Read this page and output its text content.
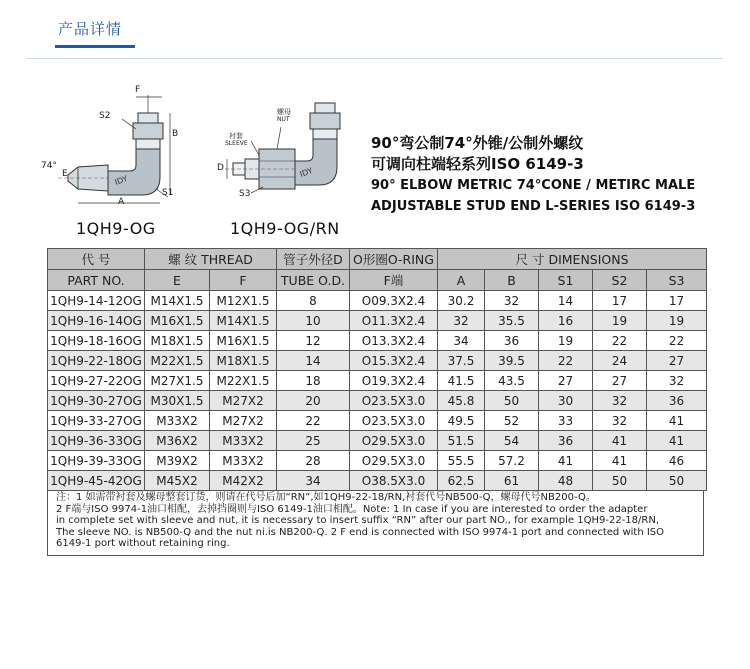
产品详情
IDY
F
S2
B
A
S1
E
74°
1QH9-OG
IDY
衬套
SLEEVE
螺母
NUT
D
S3
1QH9-OG/RN
90°弯公制74°外锥/公制外螺纹
可调向柱端轻系列ISO 6149-3
90° ELBOW METRIC 74°CONE / METIRC MALE
ADJUSTABLE STUD END L-SERIES ISO 6149-3
代 号	螺 纹 THREAD		管子外径D	O形圈O-RING	尺 寸 DIMENSIONS				
PART NO.	E	F	TUBE O.D.	F端	A	B	S1	S2	S3
1QH9-14-12OG	M14X1.5	M12X1.5	8	O09.3X2.4	30.2	32	14	17	17
1QH9-16-14OG	M16X1.5	M14X1.5	10	O11.3X2.4	32	35.5	16	19	19
1QH9-18-16OG	M18X1.5	M16X1.5	12	O13.3X2.4	34	36	19	22	22
1QH9-22-18OG	M22X1.5	M18X1.5	14	O15.3X2.4	37.5	39.5	22	24	27
1QH9-27-22OG	M27X1.5	M22X1.5	18	O19.3X2.4	41.5	43.5	27	27	32
1QH9-30-27OG	M30X1.5	M27X2	20	O23.5X3.0	45.8	50	30	32	36
1QH9-33-27OG	M33X2	M27X2	22	O23.5X3.0	49.5	52	33	32	41
1QH9-36-33OG	M36X2	M33X2	25	O29.5X3.0	51.5	54	36	41	41
1QH9-39-33OG	M39X2	M33X2	28	O29.5X3.0	55.5	57.2	41	41	46
1QH9-45-42OG	M45X2	M42X2	34	O38.5X3.0	62.5	61	48	50	50
注：1 如需带衬套及螺母整套订货，则请在代号后加“RN”,如1QH9-22-18/RN,衬套代号NB500-Q，螺母代号NB200-Q。
2 F端与ISO 9974-1油口相配，去掉挡圈则与ISO 6149-1油口相配。Note: 1 In case if you are interested to order the adapter
in complete set with sleeve and nut, it is necessary to insert suffix “RN” after our part NO., for example 1QH9-22-18/RN,
The sleeve NO. is NB500-Q and the nut ni.is NB200-Q. 2 F end is connected with ISO 9974-1 port and connected with ISO
6149-1 port without retaining ring.
